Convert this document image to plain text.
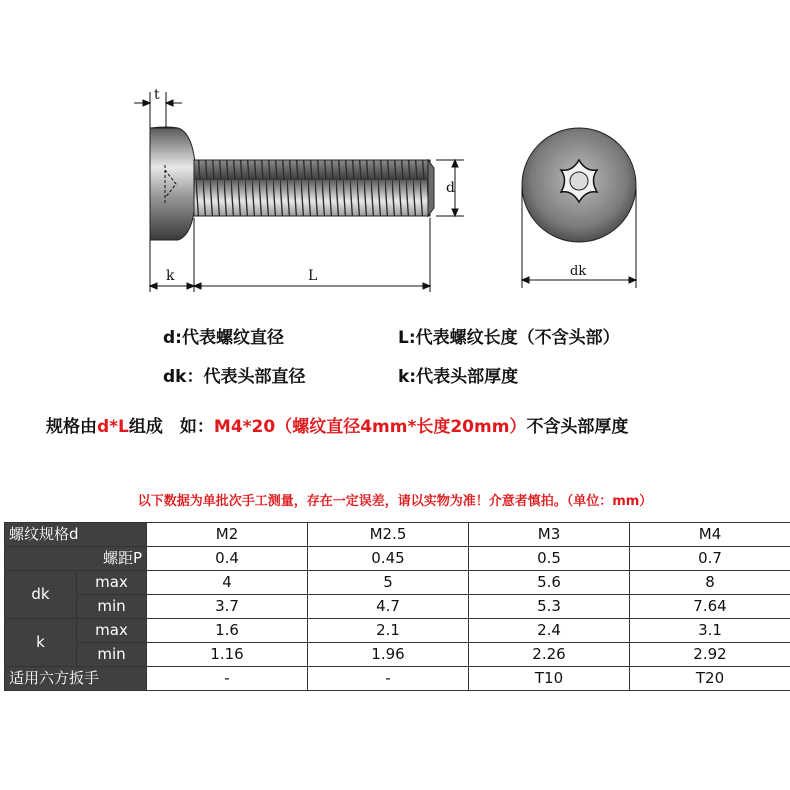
t
d
k	L	dk
d:代表螺纹直径	L:代表螺纹长度（不含头部）
dk：代表头部直径	k:代表头部厚度
规格由d*L组成　如：M4*20（螺纹直径4mm*长度20mm）不含头部厚度
以下数据为单批次手工测量，存在一定误差，请以实物为准！介意者慎拍。（单位：mm）
螺纹规格d		M2	M2.5	M3	M4
螺距P		0.4	0.45	0.5	0.7
dk	max	4	5	5.6	8
	min	3.7	4.7	5.3	7.64
k	max	1.6	2.1	2.4	3.1
	min	1.16	1.96	2.26	2.92
适用六方扳手		-	-	T10	T20
